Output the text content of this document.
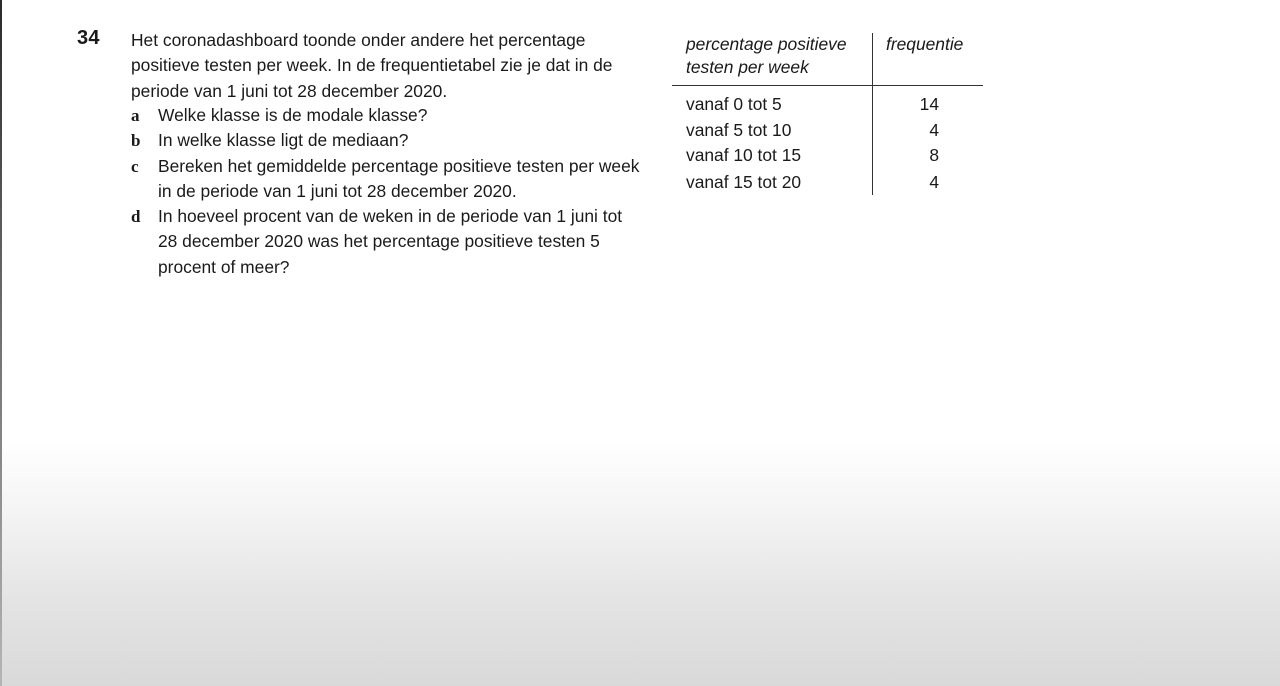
34 Het coronadashboard toonde onder andere het percentage positieve testen per week. In de frequentietabel zie je dat in de periode van 1 juni tot 28 december 2020.
a Welke klasse is de modale klasse?
b In welke klasse ligt de mediaan?
c Bereken het gemiddelde percentage positieve testen per week in de periode van 1 juni tot 28 december 2020.
d In hoeveel procent van de weken in de periode van 1 juni tot 28 december 2020 was het percentage positieve testen 5 procent of meer?
percentage positieve testen per week
frequentie
vanaf 0 tot 5	14
vanaf 5 tot 10	4
vanaf 10 tot 15	8
vanaf 15 tot 20	4
